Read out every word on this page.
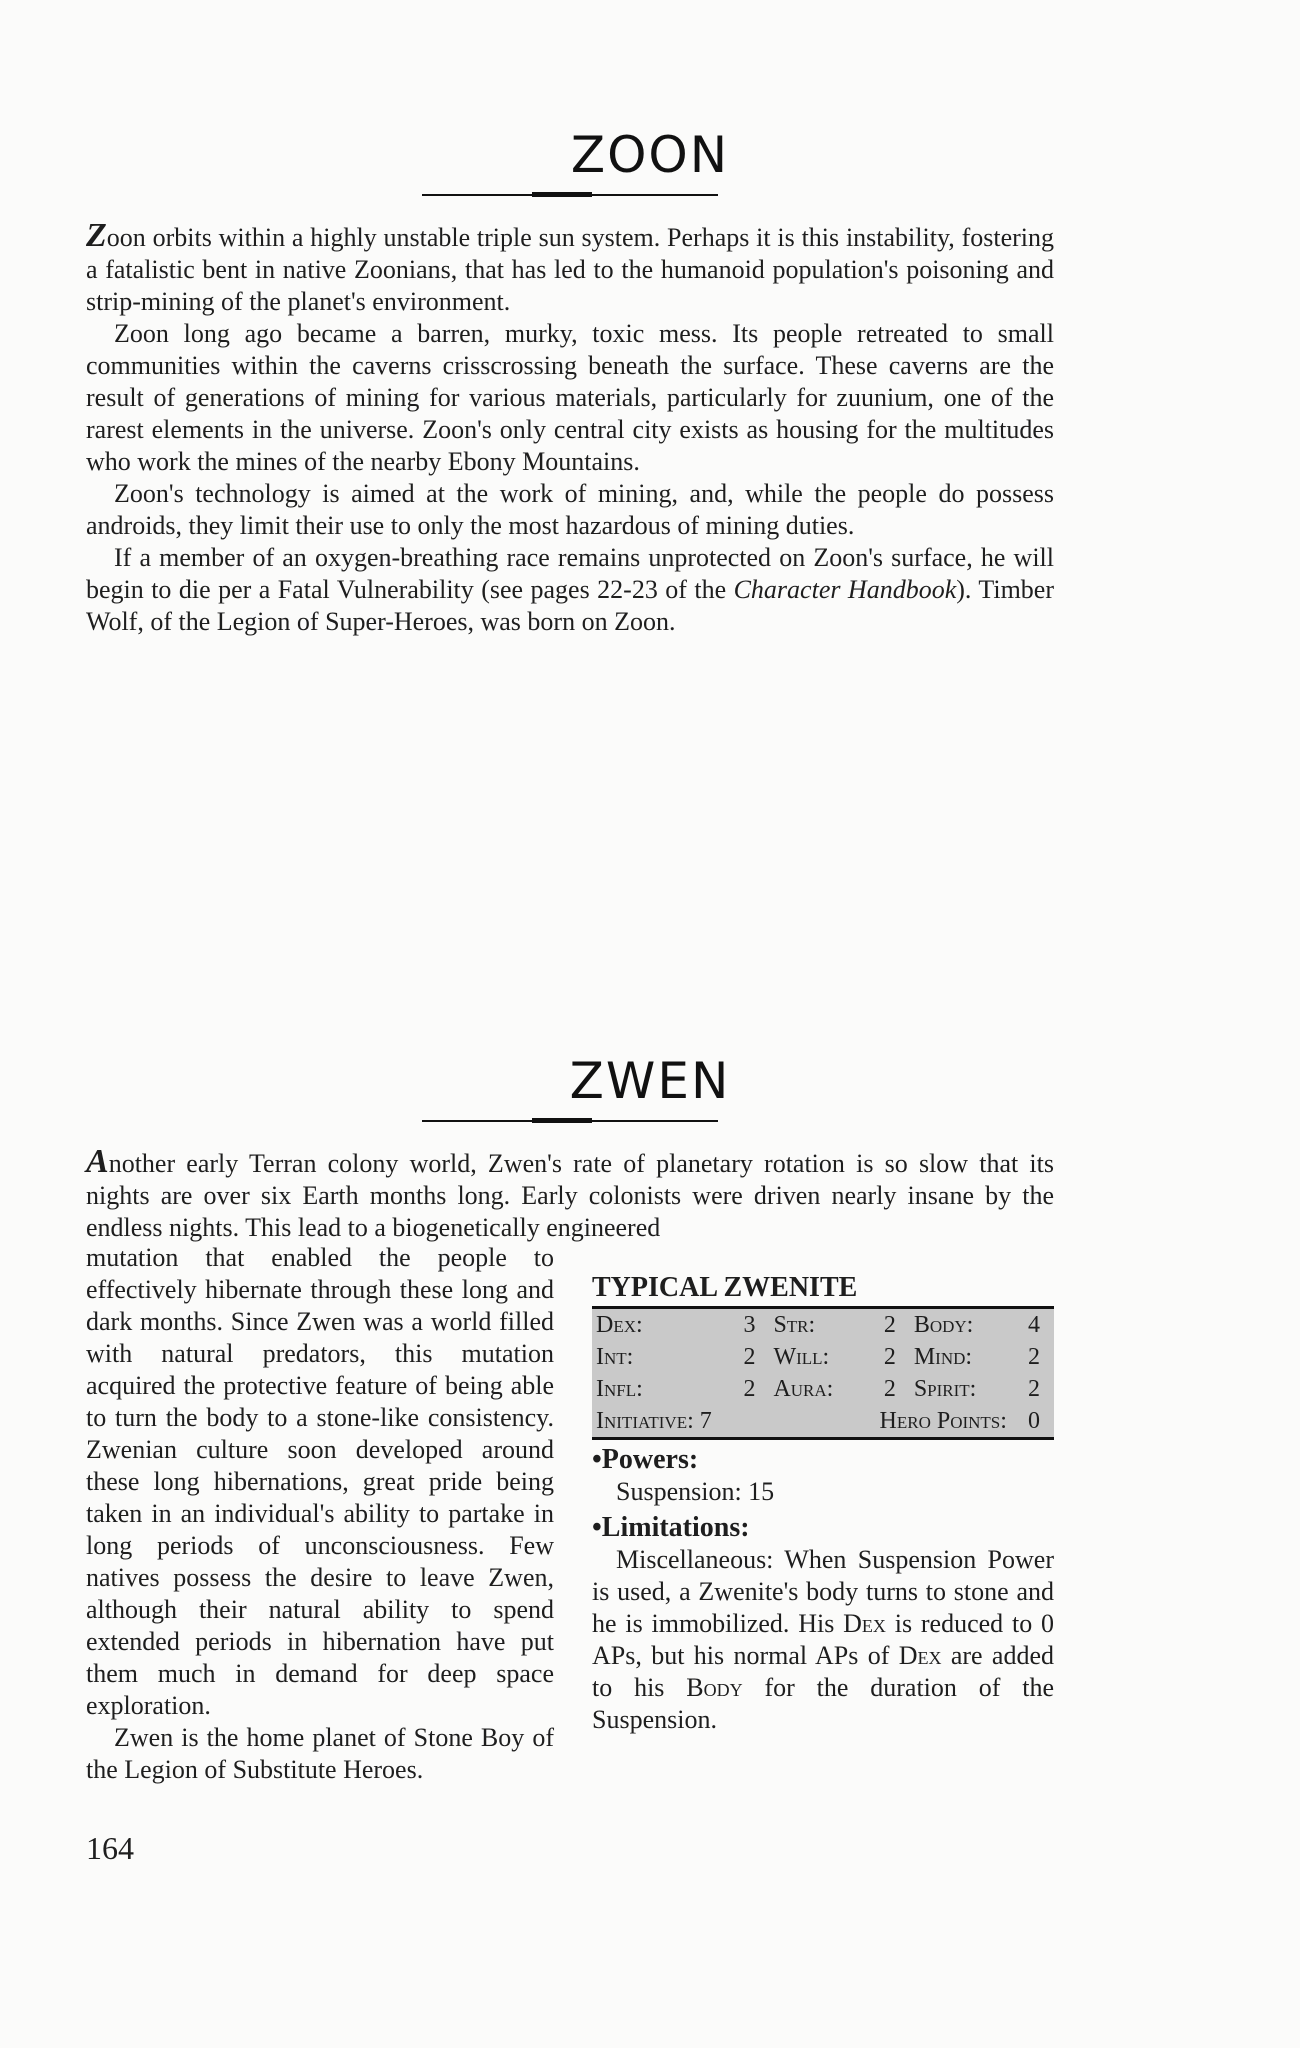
ZOON

Zoon orbits within a highly unstable triple sun system. Perhaps it is this instability, fostering a fatalistic bent in native Zoonians, that has led to the humanoid population's poisoning and strip-mining of the planet's environment.

Zoon long ago became a barren, murky, toxic mess. Its people retreated to small communities within the caverns crisscrossing beneath the surface. These caverns are the result of generations of mining for various materials, particularly for zuunium, one of the rarest elements in the universe. Zoon's only central city exists as housing for the multitudes who work the mines of the nearby Ebony Mountains.

Zoon's technology is aimed at the work of mining, and, while the people do possess androids, they limit their use to only the most hazardous of mining duties.

If a member of an oxygen-breathing race remains unprotected on Zoon's surface, he will begin to die per a Fatal Vulnerability (see pages 22-23 of the Character Handbook). Timber Wolf, of the Legion of Super-Heroes, was born on Zoon.

ZWEN

Another early Terran colony world, Zwen's rate of planetary rotation is so slow that its nights are over six Earth months long. Early colonists were driven nearly insane by the endless nights. This lead to a biogenetically engineered

mutation that enabled the people to effectively hibernate through these long and dark months. Since Zwen was a world filled with natural predators, this mutation acquired the protective feature of being able to turn the body to a stone-like consistency. Zwenian culture soon developed around these long hibernations, great pride being taken in an individual's ability to partake in long periods of unconsciousness. Few natives possess the desire to leave Zwen, although their natural ability to spend extended periods in hibernation have put them much in demand for deep space exploration.

Zwen is the home planet of Stone Boy of the Legion of Substitute Heroes.

TYPICAL ZWENITE
Dex:	3	Str:	2	Body:	4
Int:	2	Will:	2	Mind:	2
Infl:	2	Aura:	2	Spirit:	2
Initiative: 7		Hero Points:			0
•Powers:
Suspension: 15
•Limitations:
Miscellaneous: When Suspension Power is used, a Zwenite's body turns to stone and he is immobilized. His Dex is reduced to 0 APs, but his normal APs of Dex are added to his Body for the duration of the Suspension.
164
